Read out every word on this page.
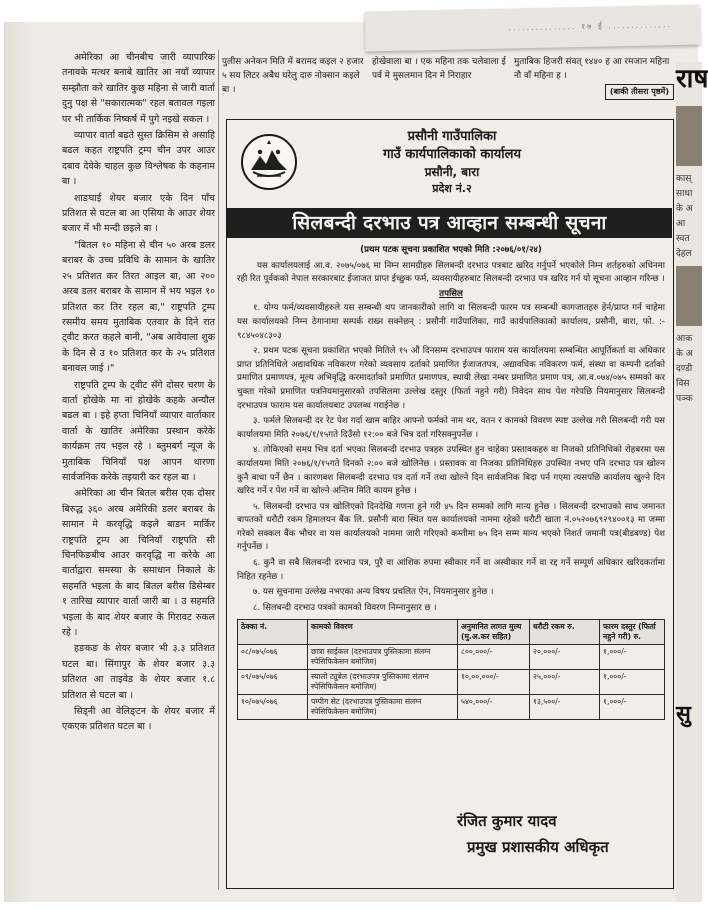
अमेरिका आ चीनबीच जारी व्यापारिक तनावके मत्थर बनाबे खातिर आ नयाँ व्यापार सम्झौता करे खातिर कुछ महिना से जारी वार्ता दुनु पक्ष से "सकारात्मक" रहल बतावल गइला पर भी तार्किक निष्कर्ष में पुगे नइखे सकल ।

व्यापार वार्ता बढ़ते सुस्त क्रिसिम से असाहि बढल कहत राष्ट्रपति ट्रम्प चीन उपर आउर दबाव देवेके चाहल कुछ विश्लेषक के कहनाम बा ।

शाङघाई शेयर बजार एके दिन पाँच प्रतिशत से घटल बा आ एसिया के आउर शेयर बजार में भी मन्दी छइले बा ।

"बितल १० महिना से चीन ५० अरब डलर बराबर के उच्च प्रविधि के सामान के खातिर २५ प्रतिशत कर तिरत आइल बा, आ २०० अरब डलर बराबर के सामान में भय भइल १० प्रतिशत कर तिर रहल बा," राष्ट्रपति ट्रम्प रसमीय समय मुताबिक एतवार के दिने रात ट्वीट करत कहले बानी, "अब आवेवाला शुक के दिन से उ १० प्रतिशत कर के २५ प्रतिशत बनावल जाई ।"

राष्ट्रपति ट्रम्प के ट्वीट सँगे दोसर चरण के वार्ता होखेके मा नां होखेके कहके अन्यौल बढल बा । इहे हप्ता चिनियाँ व्यापार वार्ताकार वार्ता के खातिर अमेरिका प्रस्थान करेके कार्यक्रम तय भइल रहे । ब्लुमबर्ग न्यूज के मुताबिक चिनियाँ पक्ष आपन धारणा सार्वजनिक करेके तइयारी कर रहल बा ।

अमेरिका आ चीन बितल बरीस एक दोसर बिरुद्ध ३६० अरब अमेरिकी डलर बराबर के सामान मे करवृद्धि कइले बाडन मार्किर राष्ट्रपति ट्रम्प आ चिनियाँ राष्ट्रपति सी चिनफिङबीच आउर करवृद्धि ना करेके आ वार्ताद्वारा समस्या के समाधान निकाले के सहमति भइला के बाद बितल बरीस डिसेम्बर १ तारिख व्यापार वार्ता जारी बा । उ सहमति भइला के बाद शेयर बजार के गिरावट रुकल रहे ।

हङकङ के शेयर बजार भी ३.३ प्रतिशत घटल बा। सिंगापुर के शेयर बजार ३.३ प्रतिशत आ ताइवेड के शेयर बजार १.८ प्रतिशत से घटल बा ।

सिड्नी आ वेलिङ्टन के शेयर बजार में एकएक प्रतिशत घटल बा ।

पुलीस अनेकन मिति में बरामद कइल २ हजार ५ सय लिटर अबैध घरेलु दारु नोक्सान कइले बा ।
होखेवाला बा । एक महिना तक चलेवाला ई पर्व मे मुसलमान दिन मे निराहार
मुताबिक हिजरी संवत् १४४० ह आ रमजान महिना नौ वाँ महिना ह ।
(बाकी तीसरा पृष्ठमें) राष
कास्
साधा
के अ
आ
स्वत
देहल
आक
के अ
दण्डी
विस
पञ्क
सु
प्रसौनी गाउँपालिका
गाउँ कार्यपालिकाको कार्यालय
प्रसौनी, बारा
प्रदेश नं.२
सिलबन्दी दरभाउ पत्र आव्हान सम्बन्धी सूचना
(प्रथम पटक सूचना प्रकाशित भएको मिति :२०७६/०१/२४)
यस कार्यालयलाई आ.व. २०७५/०७६ मा निम्न सामग्रीहरु सिलबन्दी दरभाउ पत्रबाट खरिद गर्नुपर्ने भएकोले निम्न शर्तहरुको अधिनमा रही रित पूर्वकको नेपाल सरकारबाट ईजाजत प्राप्त ईच्छुक फर्म, व्यवसायीहरुबाट सिलबन्दी दरभाउ पत्र खरिद गर्न यो सूचना आव्हान गरिन्छ ।
तपसिल
१. योग्य फर्म/व्यवसायीहरुले यस सम्बन्धी थप जानकारीको लागि वा सिलबन्दी फारम पत्र सम्बन्धी कागजातहरु हेर्न/प्राप्त गर्न चाहेमा यस कार्यालयको निम्न ठेगानामा सम्पर्क राख्न सक्नेछन् : प्रसौनी गाउँपालिका, गाउँ कार्यपालिकाको कार्यालय, प्रसौनी, बारा, फो. :- ९८४५०४८३०३
२. प्रथम पटक सूचना प्रकाशित भएको मितिले १५ औं दिनसम्म दरभाउपत्र फाराम यस कार्यालयमा सम्बन्धित आपूर्तिकर्ता वा अधिकार प्राप्त प्रतिनिधिले अद्यावधिक नविकरण गरेको व्यवसाय दर्ताको प्रमाणित ईजाजतपत्र, अद्यावधिक नविकरण फर्म, संस्था वा कम्पनी दर्ताको प्रमाणित प्रमाणपत्र, मूल्य अभिवृद्धि करमादर्ताको प्रमाणित प्रमाणपत्र, स्थायी लेखा नम्बर प्रमाणित प्रमाण पत्र, आ.व.०७४/०७५ सम्मको कर चुक्ता गरेको प्रमाणित पत्रनियमानुसारको तपसिलमा उल्लेख दस्तुर (फिर्ता नहुने गरी) निवेदन साथ पेश गरेपछि नियमानुसार सिलबन्दी दरभाउपत्र फाराम यस कार्यालयबाट उपलब्ध गराईनेछ ।
३. फर्मले सिलबन्दी दर रेट पेश गर्दा खाम बाहिर आफ्नो फर्मको नाम थर, वतन र कामको विवरण स्पष्ट उल्लेख गरी सिलबन्दी गरी यस कार्यालयमा मिति २०७६/१/१५गते दिउँसो १२:०० बजे भित्र दर्ता गरिसक्नुपर्नेछ ।
४. तोकिएको समय भित्र दर्ता भएका सिलबन्दी दरभाउ पत्रहरु उपस्थित हुन चाहेका प्रस्तावकहरु वा निजको प्रतिनिधिको रोहबरमा यस कार्यालयमा मिति २०७६/१/१५गते दिनको २:०० बजे खोलिनेछ । प्रस्तावक वा निजका प्रतिनिधिहरु उपस्थित नभए पनि दरभाउ पत्र खोल्न कुनै बाधा पर्ने छैन । कारणबश सिलबन्दी दरभाउ पत्र दर्ता गर्ने तथा खोल्ने दिन सार्वजनिक बिदा पर्न गएमा त्यसपछि कार्यालय खुल्ने दिन खरिद गर्ने र पेश गर्ने वा खोल्ने अन्तिम मिति कायम हुनेछ ।
५. सिलबन्दी दरभाउ पत्र खोलिएको दिनदेखि गणना हुने गरी ४५ दिन सम्मको लागि मान्य हुनेछ । सिलबन्दी दरभाउको साथ जमानत बापतको धरौटी रकम हिमालयन बैंक लि. प्रसौनी बारा स्थित यस कार्यालयको नाममा रहेको धरौटी खाता नं.०५२०७६९२९४००१३ मा जम्मा गरेको सक्कल बैंक भौचर वा यस कार्यालयको नाममा जारी गरिएको कम्तीमा ७५ दिन सम्म मान्य भएको निशर्त जमानी पत्र(बीडबण्ड) पेश गर्नुपर्नेछ ।
६. कुनै वा सबै सिलबन्दी दरभाउ पत्र, पुरै वा आंशिक रुपमा स्वीकार गर्ने वा अस्वीकार गर्ने वा रद्द गर्ने सम्पूर्ण अधिकार खरिदकर्तामा निहित रहनेछ ।
७. यस सूचनामा उल्लेख नभएका अन्य विषय प्रचलित ऐन, नियमानुसार हुनेछ ।
८. सिलबन्दी दरभाउ पत्रको कामको विवरण निम्नानुसार छ ।
ठेक्का नं.	कामको विवरण	अनुमानित लागत मुल्य (मु.अ.कर सहित)	धरौटी रकम रु.	फारम दस्तुर (फिर्ता नहुने गरी) रु.
०८/०७५/०७६	छात्रा साईकल (दरभाउपत्र पुस्तिकामा संलग्न स्पेसिफिकेसन बमोजिम)	८००,०००/-	२०,०००/-	१,०००/-
०९/०७५/०७६	स्यालो ट्युबेल (दरभाउपत्र पुस्तिकामा संलग्न स्पेसिफिकेसन बमोजिम)	१०,००,०००/-	२५,०००/-	१,०००/-
१०/०७५/०७६	पम्पीग सेट (दरभाउपत्र पुस्तिकामा संलग्न स्पेसिफिकेसन बमोजिम)	५४०,०००/-	१३,५००/-	१,०००/-
रंजित कुमार यादव
प्रमुख प्रशासकीय अधिकृत
............... १७ ई ..............
